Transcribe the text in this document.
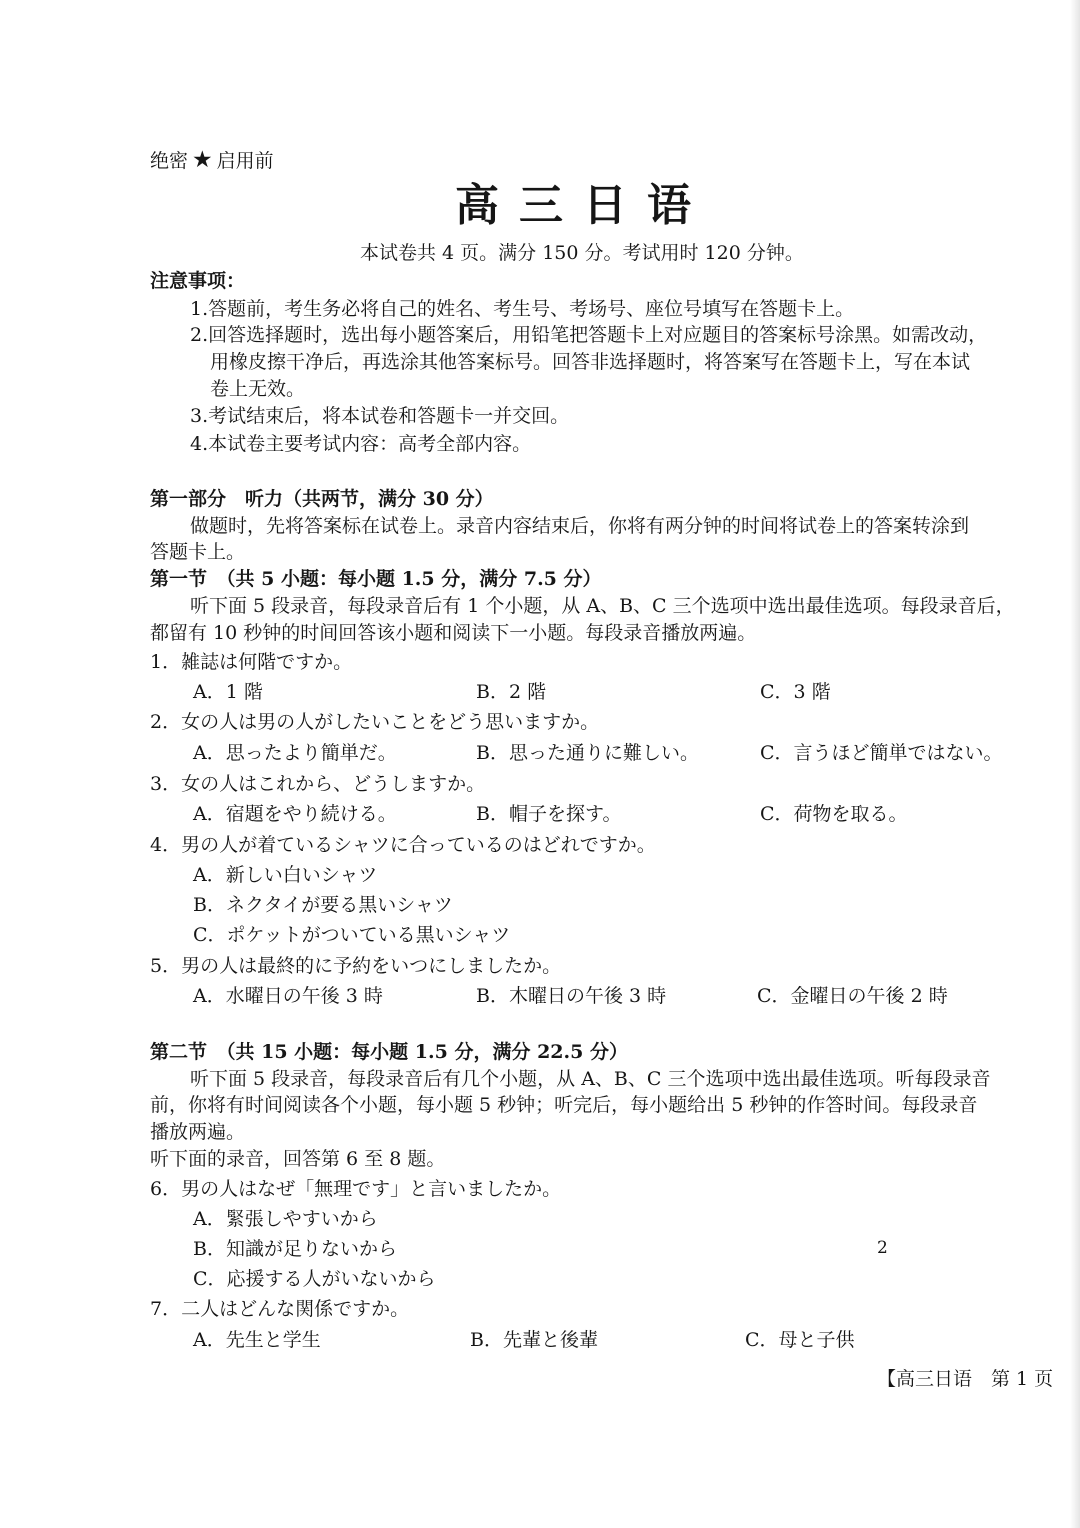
绝密 ★ 启用前
高三日语
本试卷共 4 页。满分 150 分。考试用时 120 分钟。
注意事项：
1.答题前，考生务必将自己的姓名、考生号、考场号、座位号填写在答题卡上。
2.回答选择题时，选出每小题答案后，用铅笔把答题卡上对应题目的答案标号涂黑。如需改动，
用橡皮擦干净后，再选涂其他答案标号。回答非选择题时，将答案写在答题卡上，写在本试
卷上无效。
3.考试结束后，将本试卷和答题卡一并交回。
4.本试卷主要考试内容：高考全部内容。
第一部分　听力（共两节，满分 30 分）
做题时，先将答案标在试卷上。录音内容结束后，你将有两分钟的时间将试卷上的答案转涂到
答题卡上。
第一节　（共 5 小题：每小题 1.5 分，满分 7.5 分）
听下面 5 段录音，每段录音后有 1 个小题，从 A、B、C 三个选项中选出最佳选项。每段录音后，
都留有 10 秒钟的时间回答该小题和阅读下一小题。每段录音播放两遍。
1．雑誌は何階ですか。
A．1 階	B．2 階	C．3 階
2．女の人は男の人がしたいことをどう思いますか。
A．思ったより簡単だ。	B．思った通りに難しい。	C．言うほど簡単ではない。
3．女の人はこれから、どうしますか。
A．宿題をやり続ける。	B．帽子を探す。	C．荷物を取る。
4．男の人が着ているシャツに合っているのはどれですか。
A．新しい白いシャツ
B．ネクタイが要る黒いシャツ
C．ポケットがついている黒いシャツ
5．男の人は最終的に予約をいつにしましたか。
A．水曜日の午後 3 時	B．木曜日の午後 3 時	C．金曜日の午後 2 時
第二节　（共 15 小题：每小题 1.5 分，满分 22.5 分）
听下面 5 段录音，每段录音后有几个小题，从 A、B、C 三个选项中选出最佳选项。听每段录音
前，你将有时间阅读各个小题，每小题 5 秒钟；听完后，每小题给出 5 秒钟的作答时间。每段录音
播放两遍。
听下面的录音，回答第 6 至 8 题。
6．男の人はなぜ「無理です」と言いましたか。
A．緊張しやすいから
B．知識が足りないから
C．応援する人がいないから
7．二人はどんな関係ですか。
A．先生と学生	B．先輩と後輩	C．母と子供
2
【高三日语　第 1 页
